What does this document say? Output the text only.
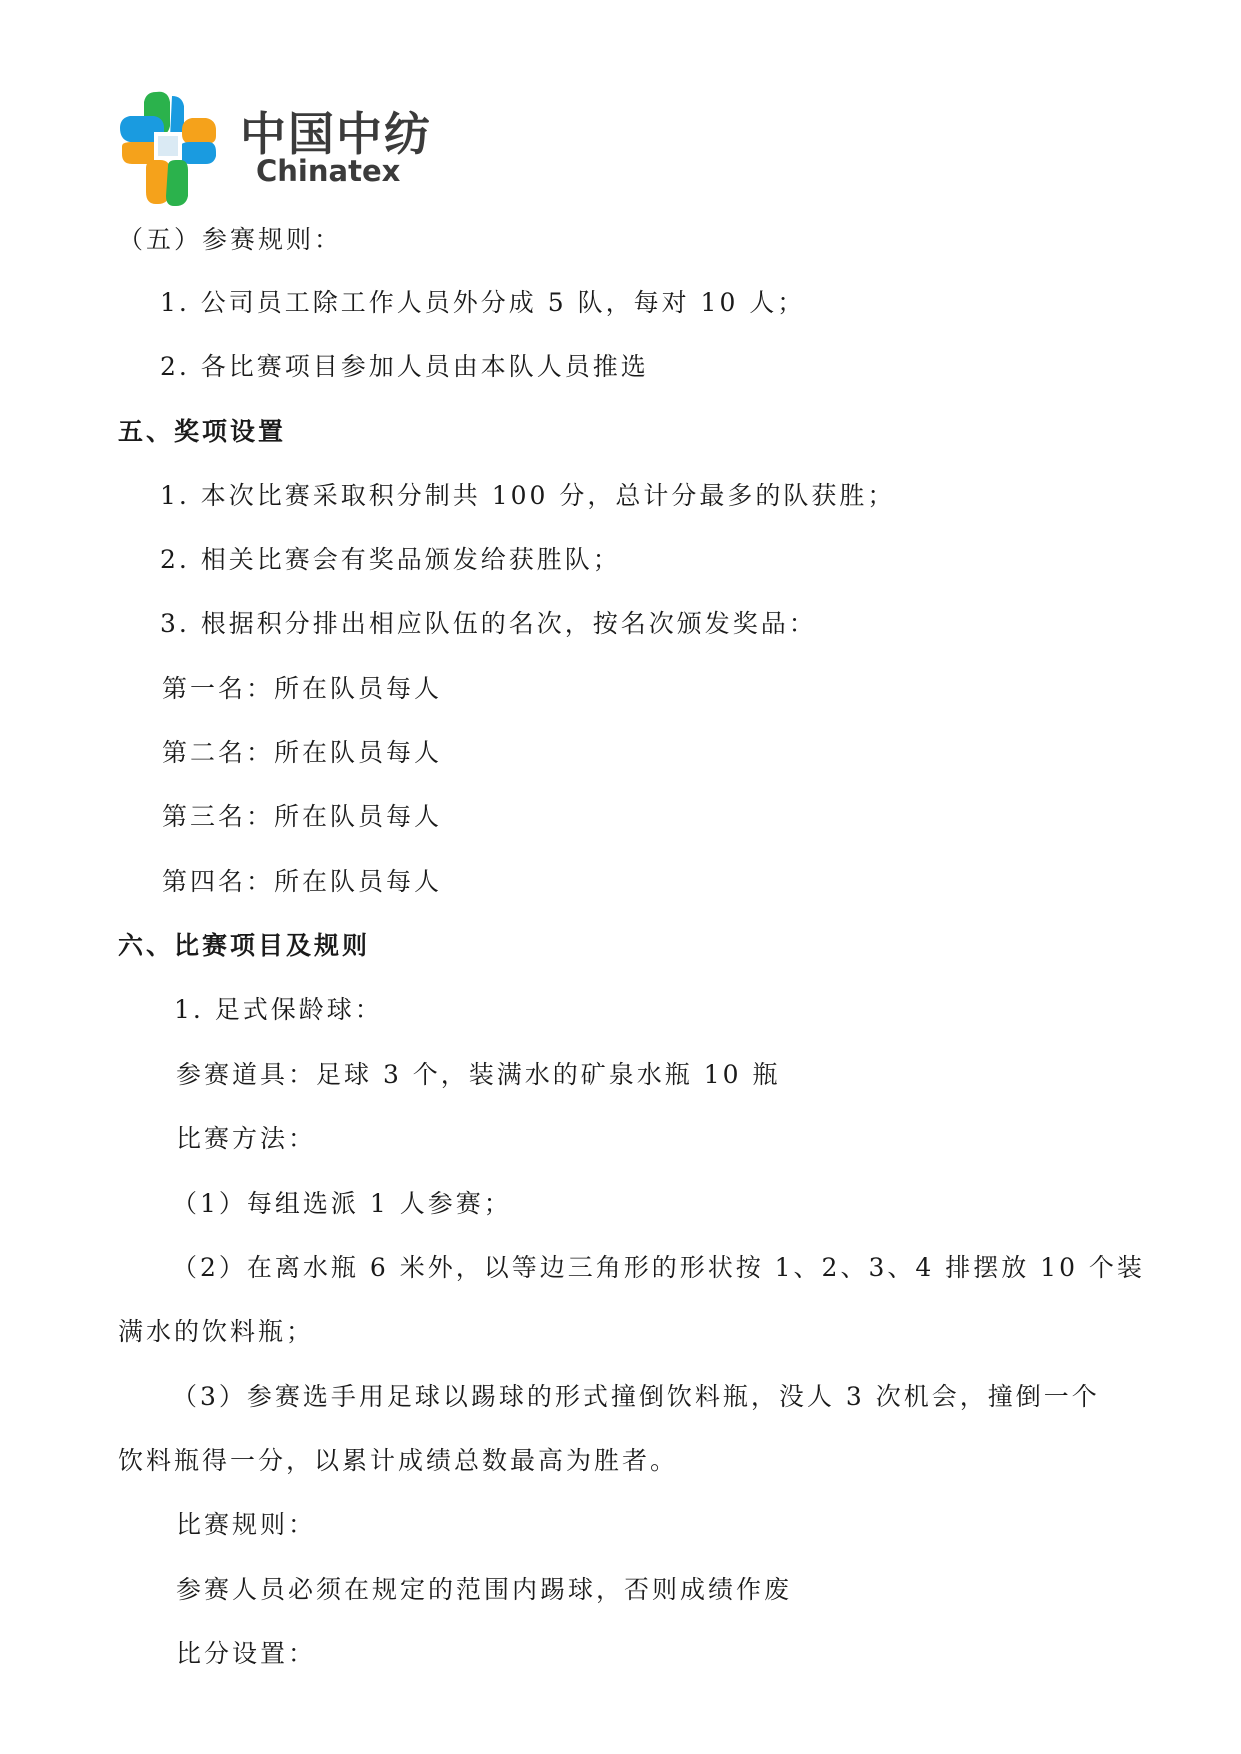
中国中纺
Chinatex
（五）参赛规则：
1. 公司员工除工作人员外分成 5 队，每对 10 人；
2. 各比赛项目参加人员由本队人员推选
五、奖项设置
1. 本次比赛采取积分制共 100 分，总计分最多的队获胜；
2. 相关比赛会有奖品颁发给获胜队；
3. 根据积分排出相应队伍的名次，按名次颁发奖品：
第一名：所在队员每人
第二名：所在队员每人
第三名：所在队员每人
第四名：所在队员每人
六、比赛项目及规则
1. 足式保龄球：
参赛道具：足球 3 个，装满水的矿泉水瓶 10 瓶
比赛方法：
（1）每组选派 1 人参赛；
（2）在离水瓶 6 米外，以等边三角形的形状按 1、2、3、4 排摆放 10 个装
满水的饮料瓶；
（3）参赛选手用足球以踢球的形式撞倒饮料瓶，没人 3 次机会，撞倒一个
饮料瓶得一分，以累计成绩总数最高为胜者。
比赛规则：
参赛人员必须在规定的范围内踢球，否则成绩作废
比分设置：
